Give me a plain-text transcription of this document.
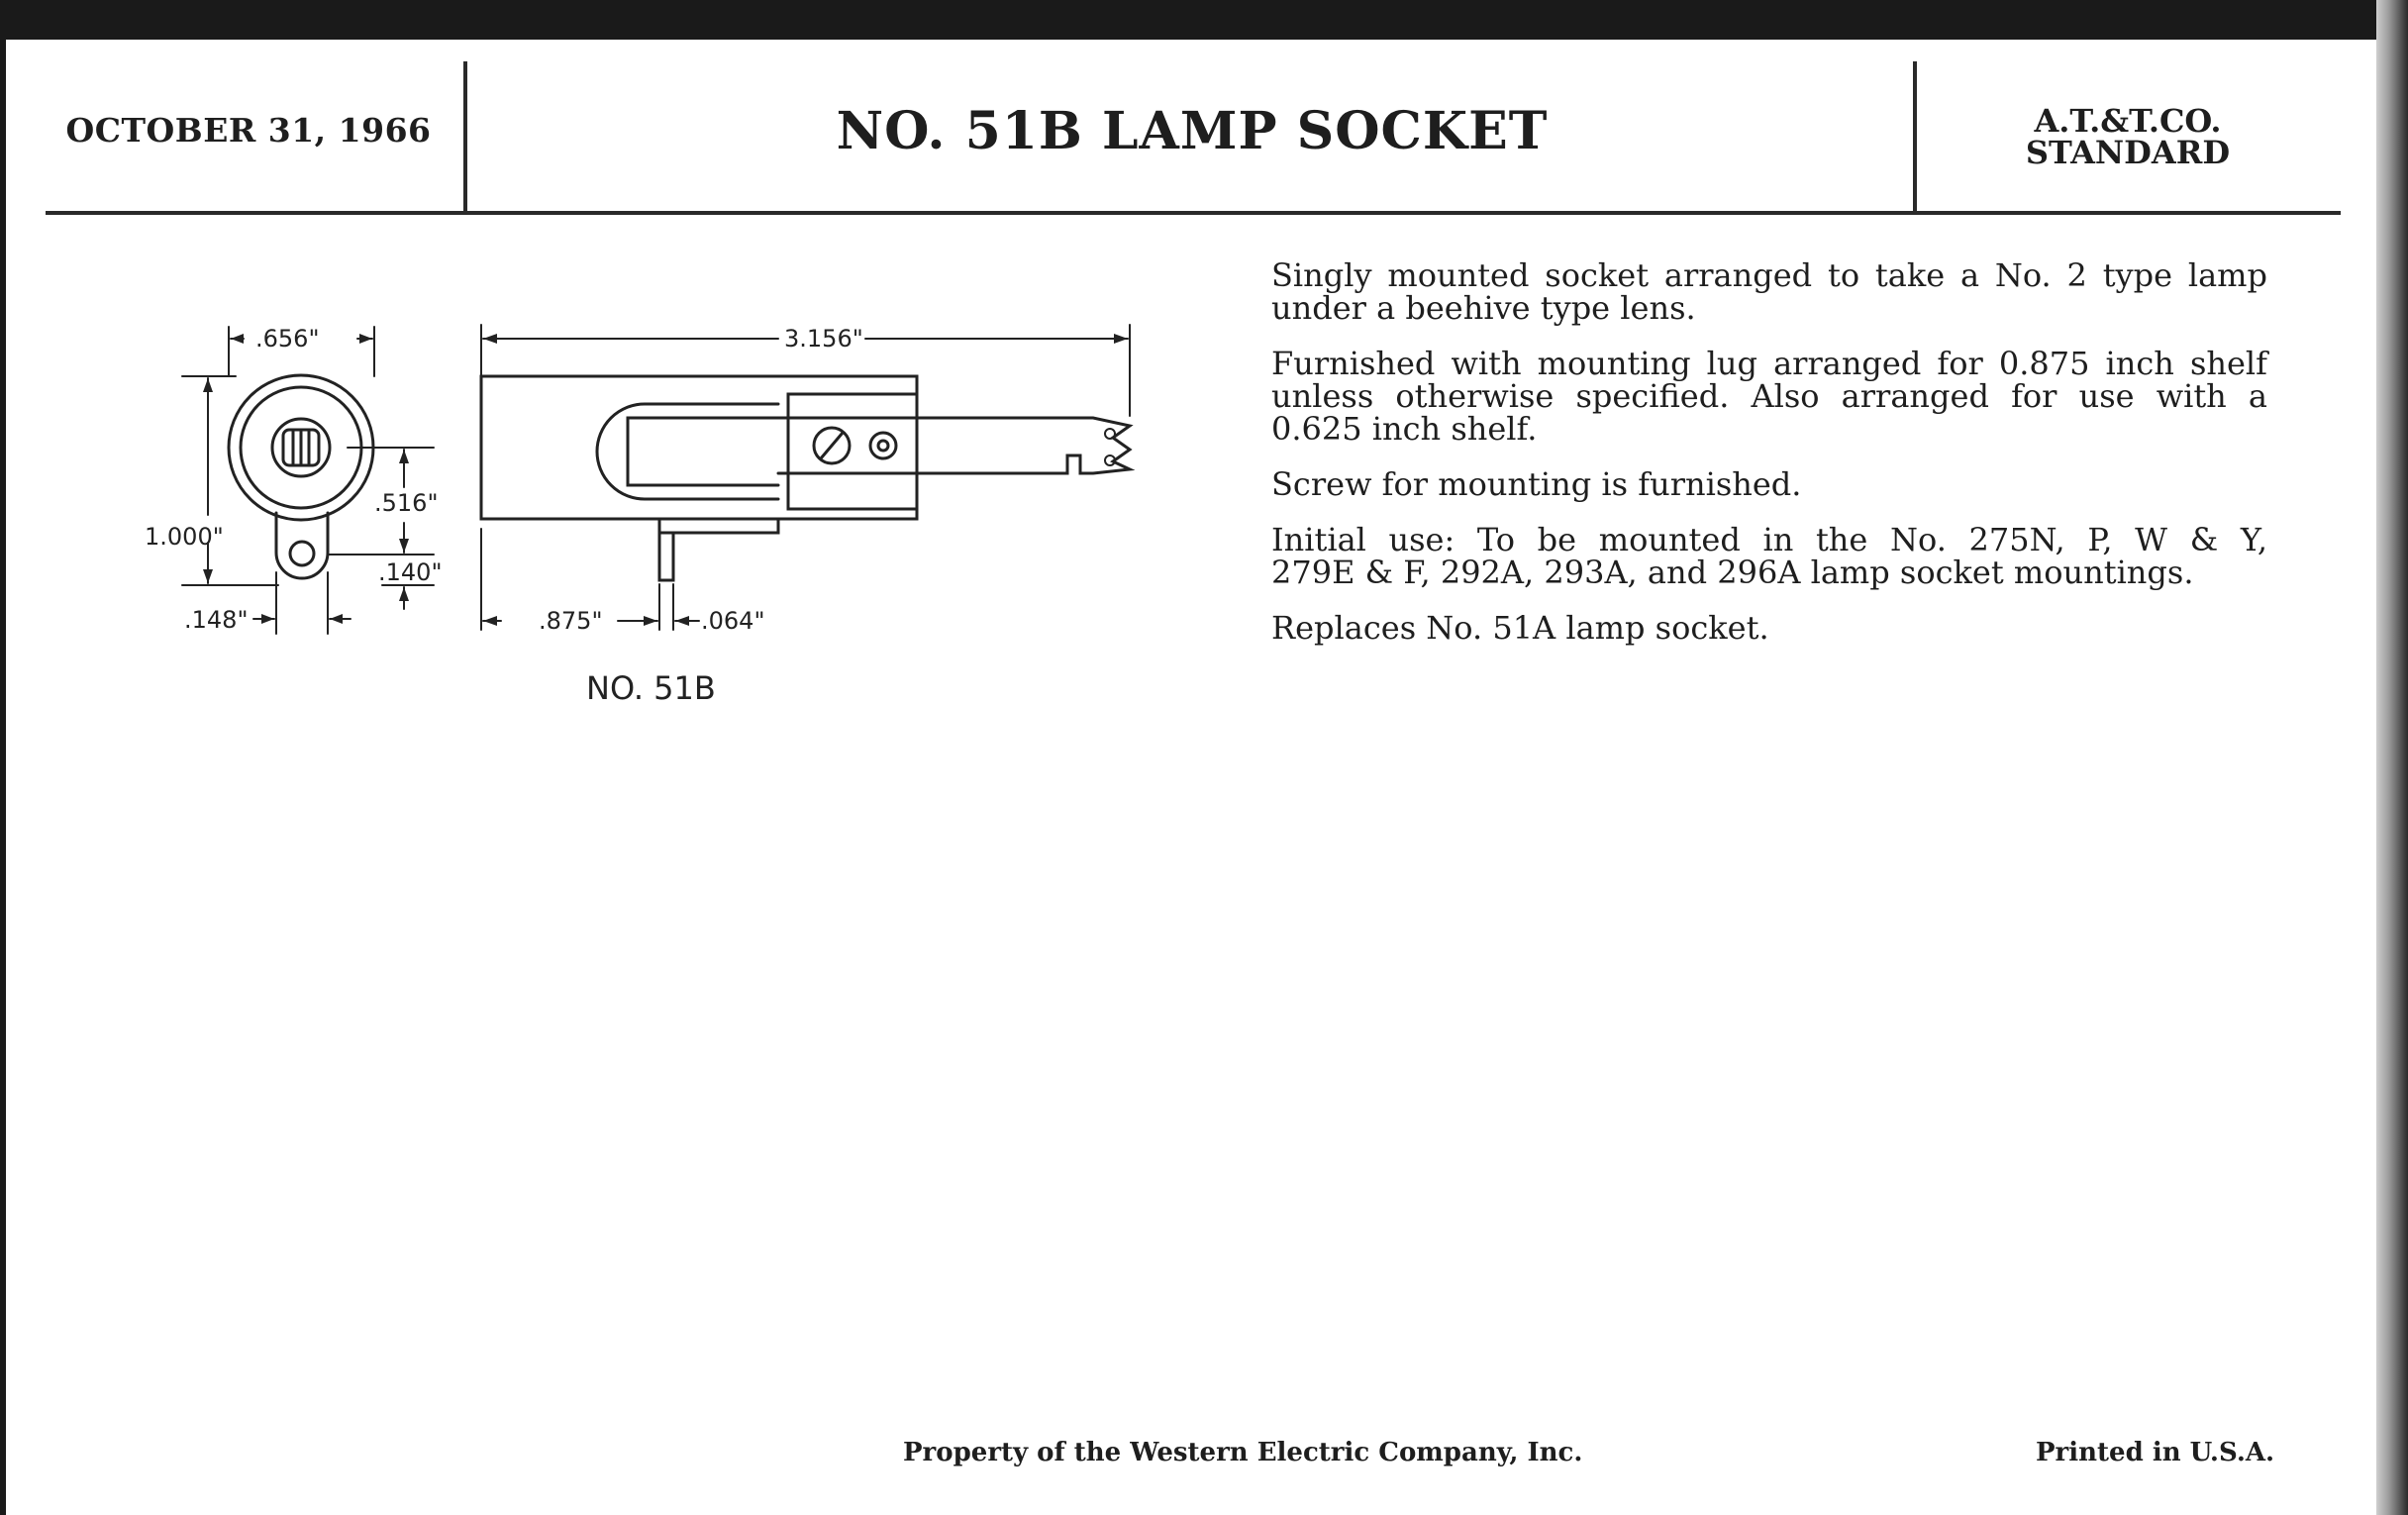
OCTOBER 31, 1966	NO. 51B LAMP SOCKET	A.T.&T.CO.
STANDARD
.656"	3.156"
1.000"
.516"
.140"
.148"	.875"	.064"
NO. 51B
Singly mounted socket arranged to take a No. 2 type lamp
under a beehive type lens.
Furnished with mounting lug arranged for 0.875 inch shelf
unless otherwise specified. Also arranged for use with a
0.625 inch shelf.
Screw for mounting is furnished.
Initial use: To be mounted in the No. 275N, P, W & Y,
279E & F, 292A, 293A, and 296A lamp socket mountings.
Replaces No. 51A lamp socket.
Property of the Western Electric Company, Inc.	Printed in U.S.A.
